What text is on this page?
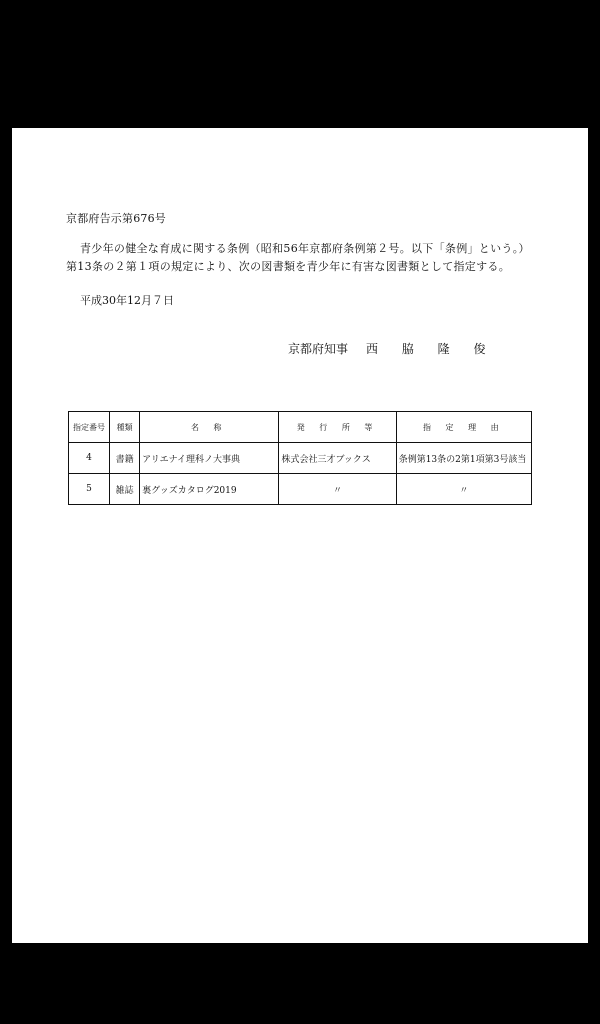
京都府告示第676号
青少年の健全な育成に関する条例（昭和56年京都府条例第２号。以下「条例」という。）
第13条の２第１項の規定により、次の図書類を青少年に有害な図書類として指定する。
平成30年12月７日
京都府知事 西 脇 隆 俊
指定番号	種類	名 称	発 行 所 等	指 定 理 由
4	書籍	アリエナイ理科ノ大事典	株式会社三才ブックス	条例第13条の2第1項第3号該当
5	雑誌	裏グッズカタログ2019	〃	〃
